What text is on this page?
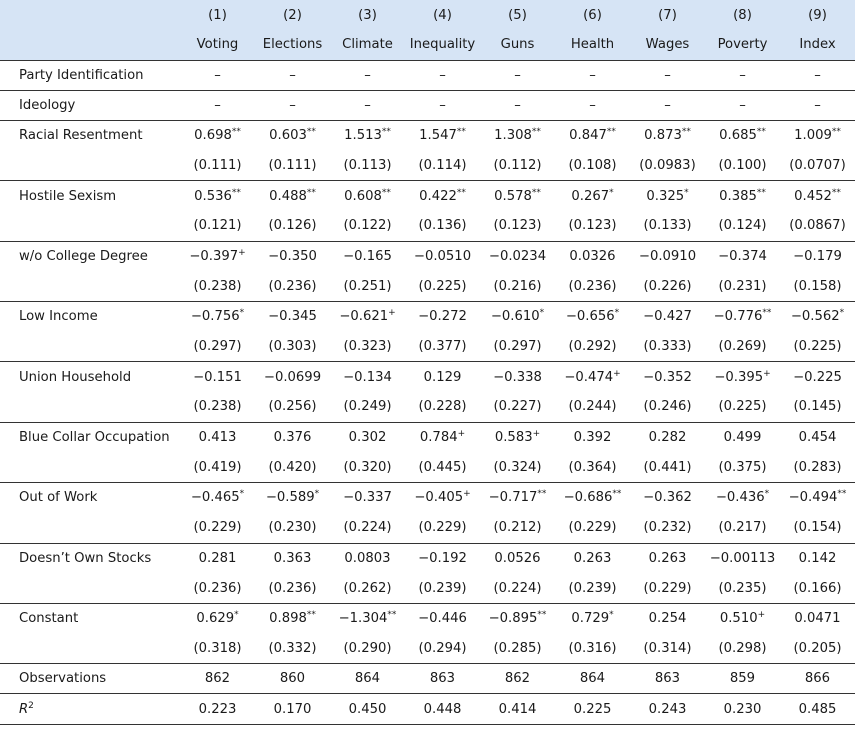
	(1)	(2)	(3)	(4)	(5)	(6)	(7)	(8)	(9)
	Voting	Elections	Climate	Inequality	Guns	Health	Wages	Poverty	Index
Party Identification	–	–	–	–	–	–	–	–	–
Ideology	–	–	–	–	–	–	–	–	–
Racial Resentment	0.698**	0.603**	1.513**	1.547**	1.308**	0.847**	0.873**	0.685**	1.009**
	(0.111)	(0.111)	(0.113)	(0.114)	(0.112)	(0.108)	(0.0983)	(0.100)	(0.0707)
Hostile Sexism	0.536**	0.488**	0.608**	0.422**	0.578**	0.267*	0.325*	0.385**	0.452**
	(0.121)	(0.126)	(0.122)	(0.136)	(0.123)	(0.123)	(0.133)	(0.124)	(0.0867)
w/o College Degree	−0.397+	−0.350	−0.165	−0.0510	−0.0234	0.0326	−0.0910	−0.374	−0.179
	(0.238)	(0.236)	(0.251)	(0.225)	(0.216)	(0.236)	(0.226)	(0.231)	(0.158)
Low Income	−0.756*	−0.345	−0.621+	−0.272	−0.610*	−0.656*	−0.427	−0.776**	−0.562*
	(0.297)	(0.303)	(0.323)	(0.377)	(0.297)	(0.292)	(0.333)	(0.269)	(0.225)
Union Household	−0.151	−0.0699	−0.134	0.129	−0.338	−0.474+	−0.352	−0.395+	−0.225
	(0.238)	(0.256)	(0.249)	(0.228)	(0.227)	(0.244)	(0.246)	(0.225)	(0.145)
Blue Collar Occupation	0.413	0.376	0.302	0.784+	0.583+	0.392	0.282	0.499	0.454
	(0.419)	(0.420)	(0.320)	(0.445)	(0.324)	(0.364)	(0.441)	(0.375)	(0.283)
Out of Work	−0.465*	−0.589*	−0.337	−0.405+	−0.717**	−0.686**	−0.362	−0.436*	−0.494**
	(0.229)	(0.230)	(0.224)	(0.229)	(0.212)	(0.229)	(0.232)	(0.217)	(0.154)
Doesn’t Own Stocks	0.281	0.363	0.0803	−0.192	0.0526	0.263	0.263	−0.00113	0.142
	(0.236)	(0.236)	(0.262)	(0.239)	(0.224)	(0.239)	(0.229)	(0.235)	(0.166)
Constant	0.629*	0.898**	−1.304**	−0.446	−0.895**	0.729*	0.254	0.510+	0.0471
	(0.318)	(0.332)	(0.290)	(0.294)	(0.285)	(0.316)	(0.314)	(0.298)	(0.205)
Observations	862	860	864	863	862	864	863	859	866
$R^2$	0.223	0.170	0.450	0.448	0.414	0.225	0.243	0.230	0.485
